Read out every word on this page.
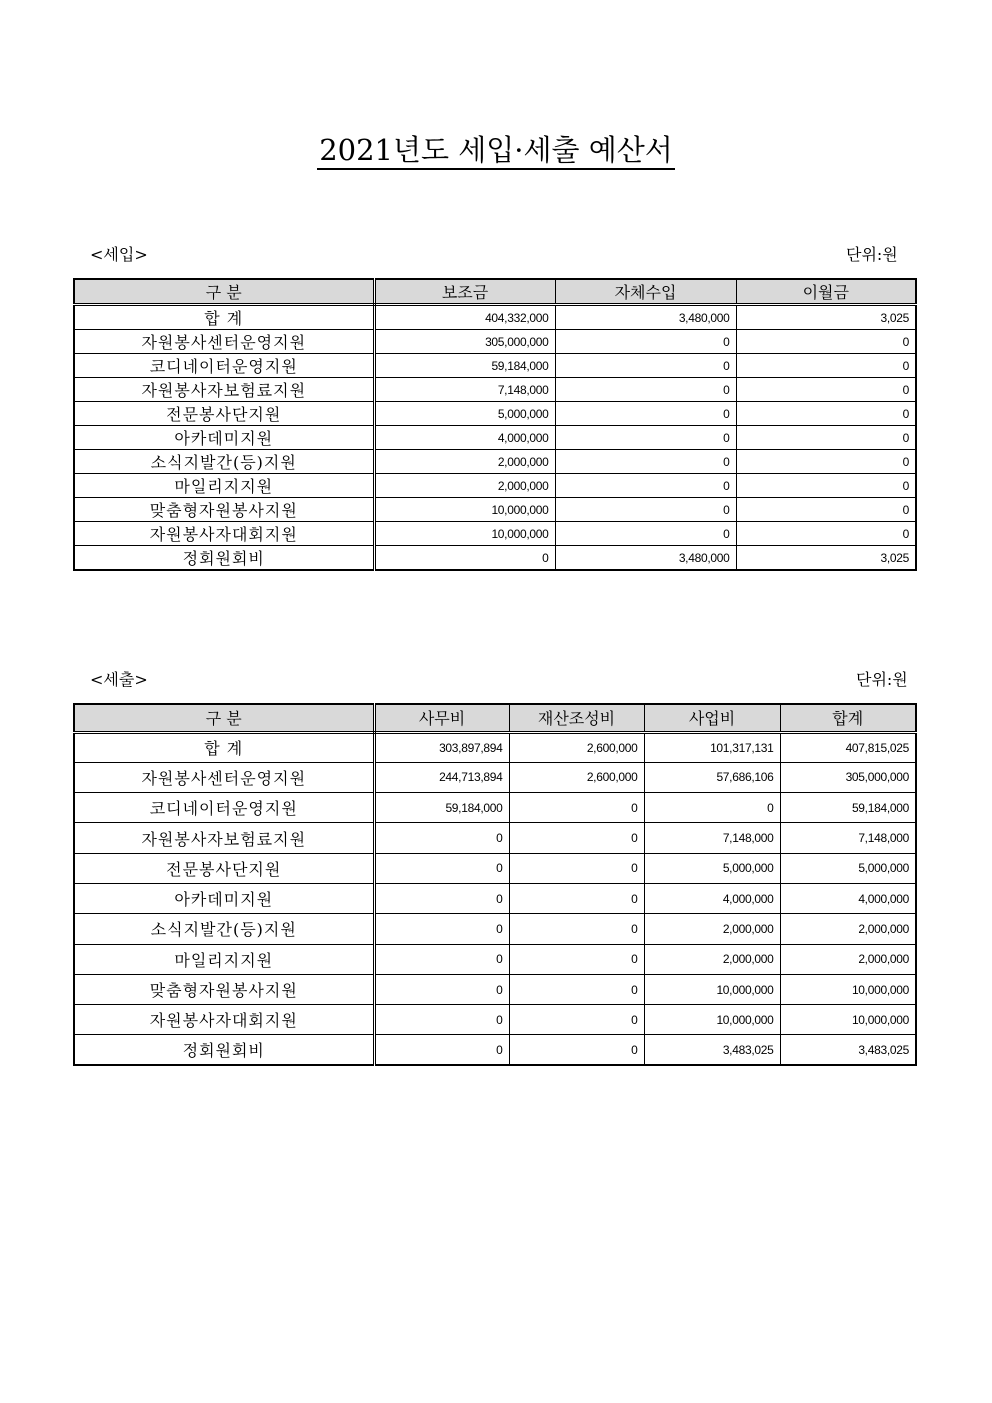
2021년도 세입·세출 예산서
<세입>	단위:원
구 분	보조금	자체수입	이월금
합 계	404,332,000	3,480,000	3,025
자원봉사센터운영지원	305,000,000	0	0
코디네이터운영지원	59,184,000	0	0
자원봉사자보험료지원	7,148,000	0	0
전문봉사단지원	5,000,000	0	0
아카데미지원	4,000,000	0	0
소식지발간(등)지원	2,000,000	0	0
마일리지지원	2,000,000	0	0
맞춤형자원봉사지원	10,000,000	0	0
자원봉사자대회지원	10,000,000	0	0
정회원회비	0	3,480,000	3,025
<세출>	단위:원
구 분	사무비	재산조성비	사업비	합계
합 계	303,897,894	2,600,000	101,317,131	407,815,025
자원봉사센터운영지원	244,713,894	2,600,000	57,686,106	305,000,000
코디네이터운영지원	59,184,000	0	0	59,184,000
자원봉사자보험료지원	0	0	7,148,000	7,148,000
전문봉사단지원	0	0	5,000,000	5,000,000
아카데미지원	0	0	4,000,000	4,000,000
소식지발간(등)지원	0	0	2,000,000	2,000,000
마일리지지원	0	0	2,000,000	2,000,000
맞춤형자원봉사지원	0	0	10,000,000	10,000,000
자원봉사자대회지원	0	0	10,000,000	10,000,000
정회원회비	0	0	3,483,025	3,483,025
